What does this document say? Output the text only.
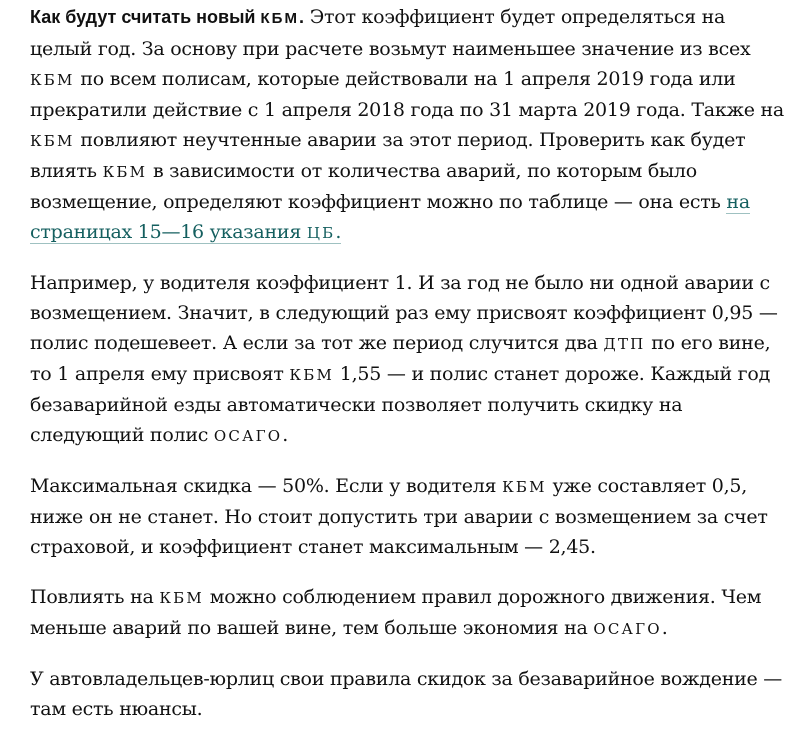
Как будут считать новый КБМ. Этот коэффициент будет определяться на целый год. За основу при расчете возьмут наименьшее значение из всех КБМ по всем полисам, которые действовали на 1 апреля 2019 года или прекратили действие с 1 апреля 2018 года по 31 марта 2019 года. Также на КБМ повлияют неучтенные аварии за этот период. Проверить как будет влиять КБМ в зависимости от количества аварий, по которым было возмещение, определяют коэффициент можно по таблице — она есть на страницах 15—16 указания ЦБ.

Например, у водителя коэффициент 1. И за год не было ни одной аварии с возмещением. Значит, в следующий раз ему присвоят коэффициент 0,95 — полис подешевеет. А если за тот же период случится два ДТП по его вине, то 1 апреля ему присвоят КБМ 1,55 — и полис станет дороже. Каждый год безаварийной езды автоматически позволяет получить скидку на следующий полис ОСАГО.

Максимальная скидка — 50%. Если у водителя КБМ уже составляет 0,5, ниже он не станет. Но стоит допустить три аварии с возмещением за счет страховой, и коэффициент станет максимальным — 2,45.

Повлиять на КБМ можно соблюдением правил дорожного движения. Чем меньше аварий по вашей вине, тем больше экономия на ОСАГО.

У автовладельцев-юрлиц свои правила скидок за безаварийное вождение — там есть нюансы.
